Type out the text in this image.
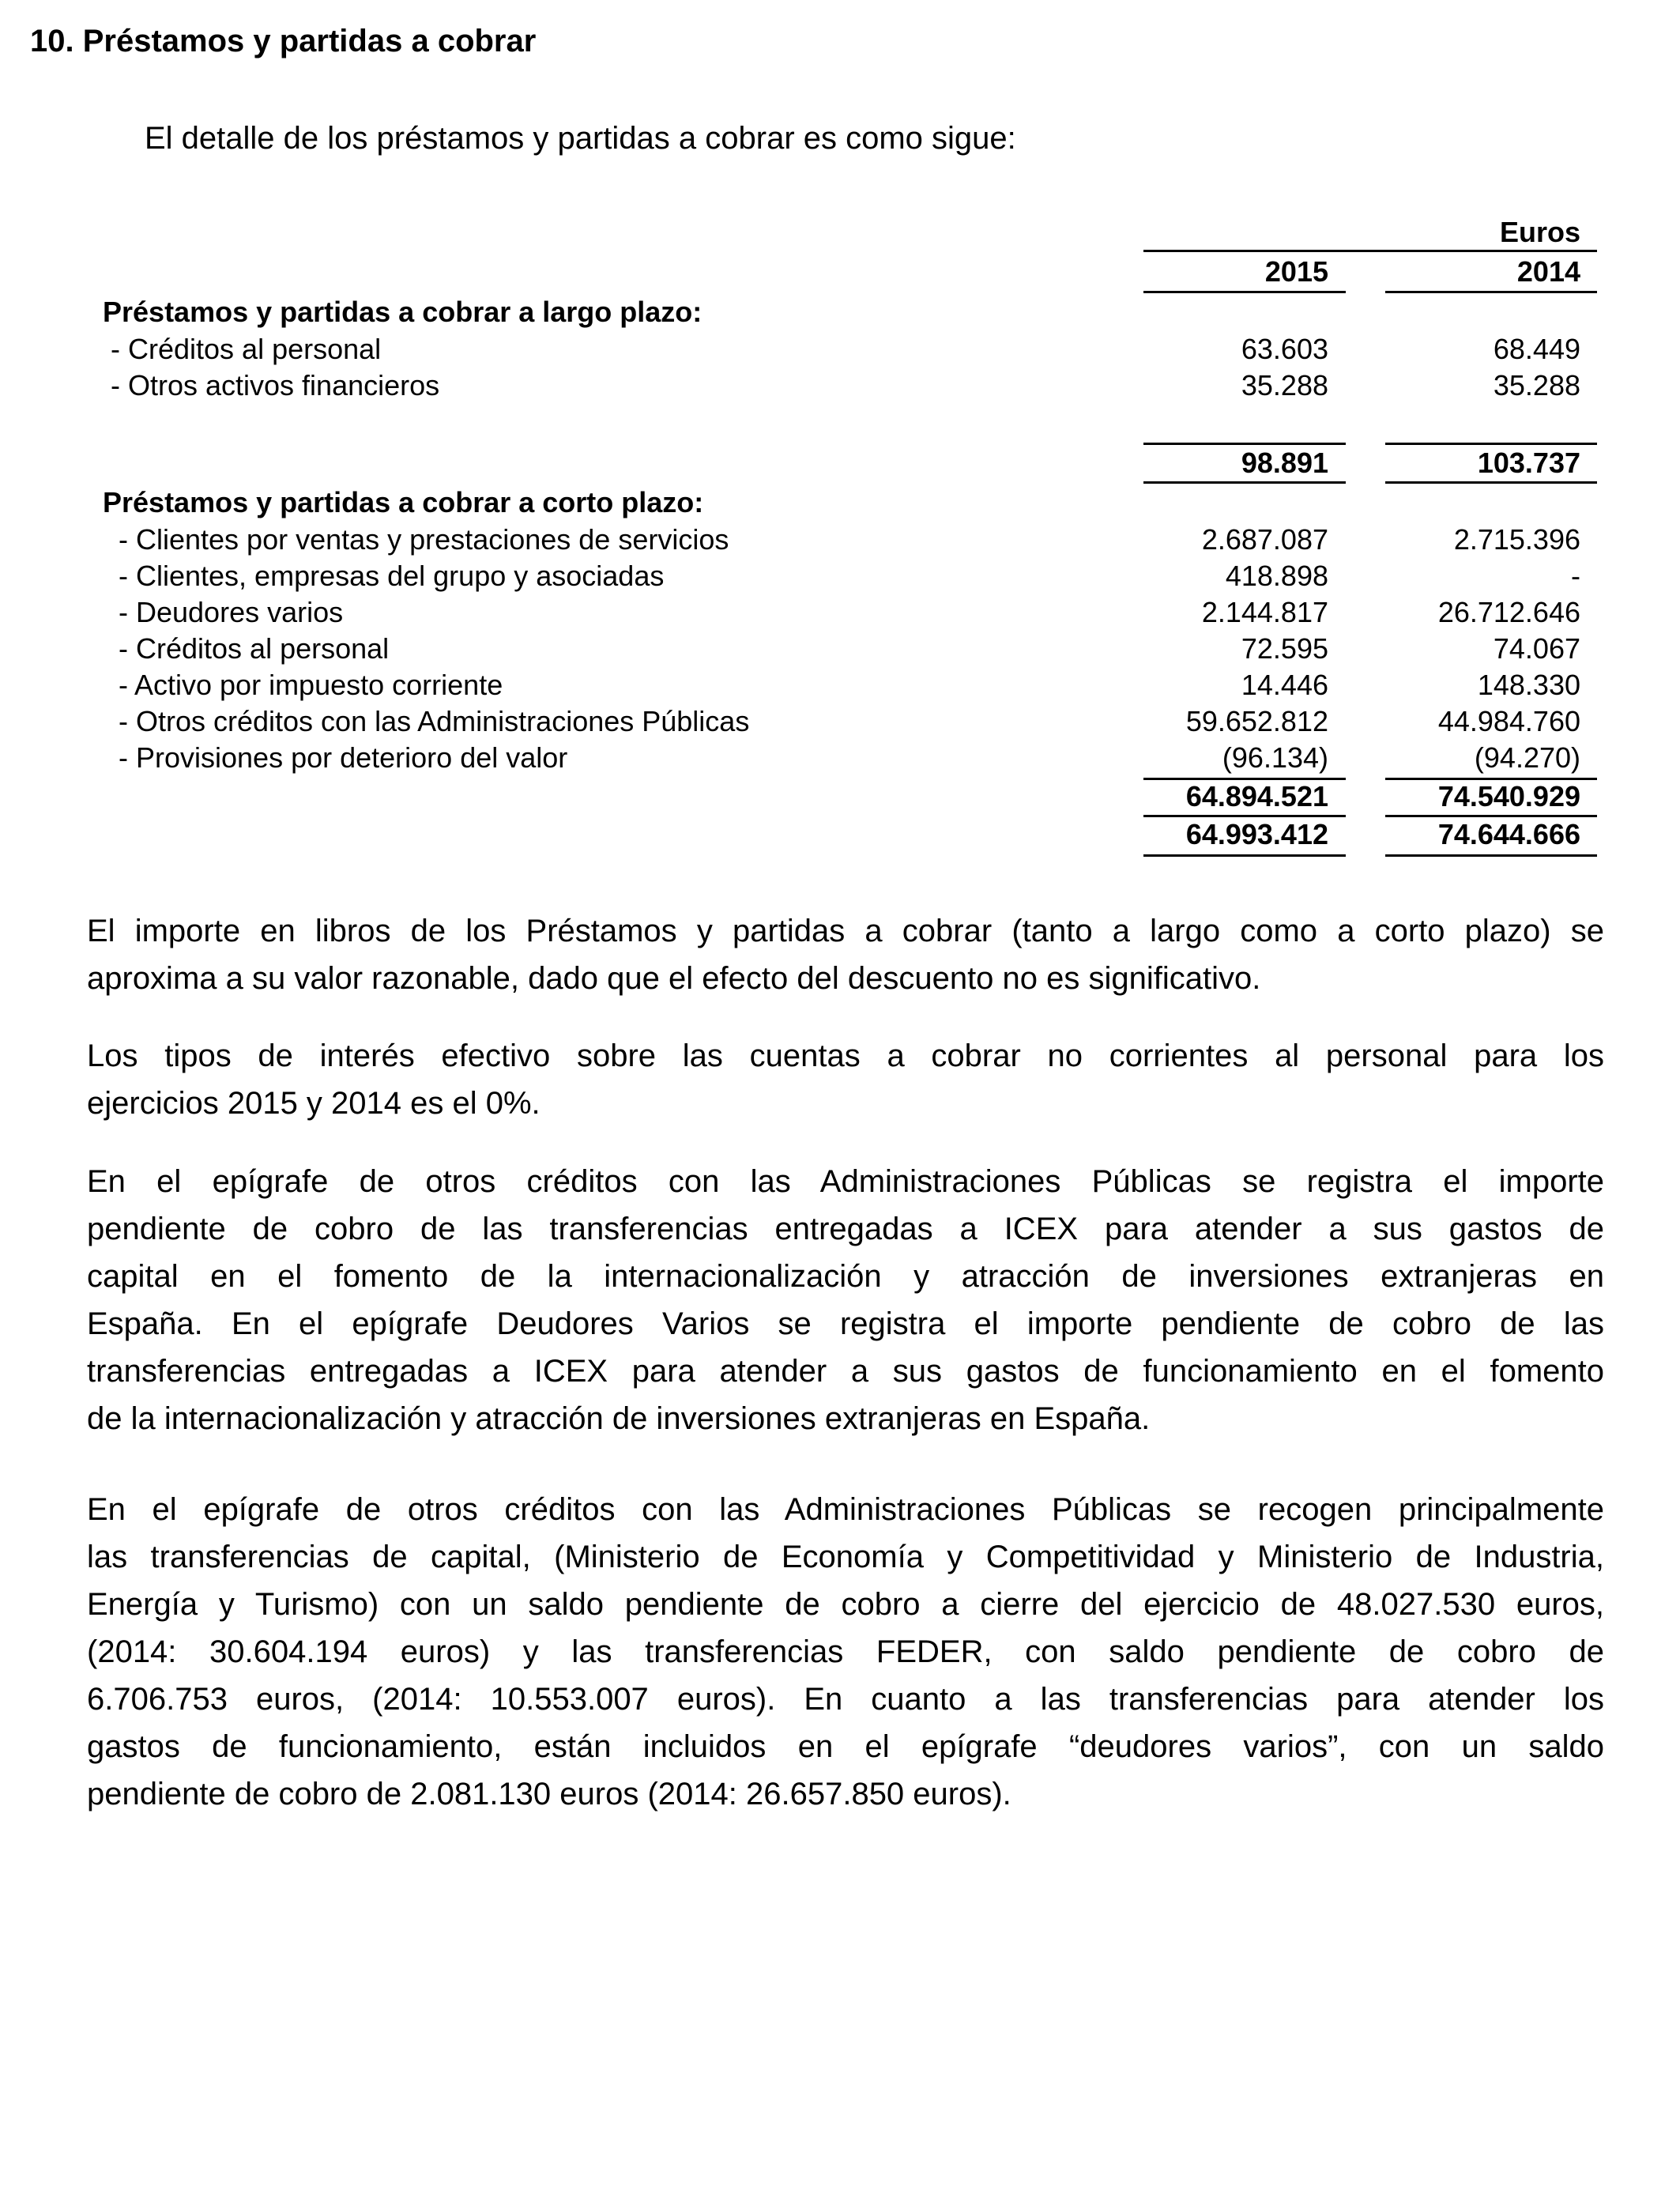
10. Préstamos y partidas a cobrar
El detalle de los préstamos y partidas a cobrar es como sigue:
Euros
2015	2014
Préstamos y partidas a cobrar a largo plazo:
- Créditos al personal	63.603	68.449
- Otros activos financieros	35.288	35.288
98.891	103.737
Préstamos y partidas a cobrar a corto plazo:
- Clientes por ventas y prestaciones de servicios	2.687.087	2.715.396
- Clientes, empresas del grupo y asociadas	418.898	-
- Deudores varios	2.144.817	26.712.646
- Créditos al personal	72.595	74.067
- Activo por impuesto corriente	14.446	148.330
- Otros créditos con las Administraciones Públicas	59.652.812	44.984.760
- Provisiones por deterioro del valor	(96.134)	(94.270)
64.894.521	74.540.929
64.993.412	74.644.666
El importe en libros de los Préstamos y partidas a cobrar (tanto a largo como a corto plazo) se
aproxima a su valor razonable, dado que el efecto del descuento no es significativo.
Los tipos de interés efectivo sobre las cuentas a cobrar no corrientes al personal para los
ejercicios 2015 y 2014 es el 0%.
En el epígrafe de otros créditos con las Administraciones Públicas se registra el importe
pendiente de cobro de las transferencias entregadas a ICEX para atender a sus gastos de
capital en el fomento de la internacionalización y atracción de inversiones extranjeras en
España. En el epígrafe Deudores Varios se registra el importe pendiente de cobro de las
transferencias entregadas a ICEX para atender a sus gastos de funcionamiento en el fomento
de la internacionalización y atracción de inversiones extranjeras en España.
En el epígrafe de otros créditos con las Administraciones Públicas se recogen principalmente
las transferencias de capital, (Ministerio de Economía y Competitividad y Ministerio de Industria,
Energía y Turismo) con un saldo pendiente de cobro a cierre del ejercicio de 48.027.530 euros,
(2014: 30.604.194 euros) y las transferencias FEDER, con saldo pendiente de cobro de
6.706.753 euros, (2014: 10.553.007 euros). En cuanto a las transferencias para atender los
gastos de funcionamiento, están incluidos en el epígrafe “deudores varios”, con un saldo
pendiente de cobro de 2.081.130 euros (2014: 26.657.850 euros).
